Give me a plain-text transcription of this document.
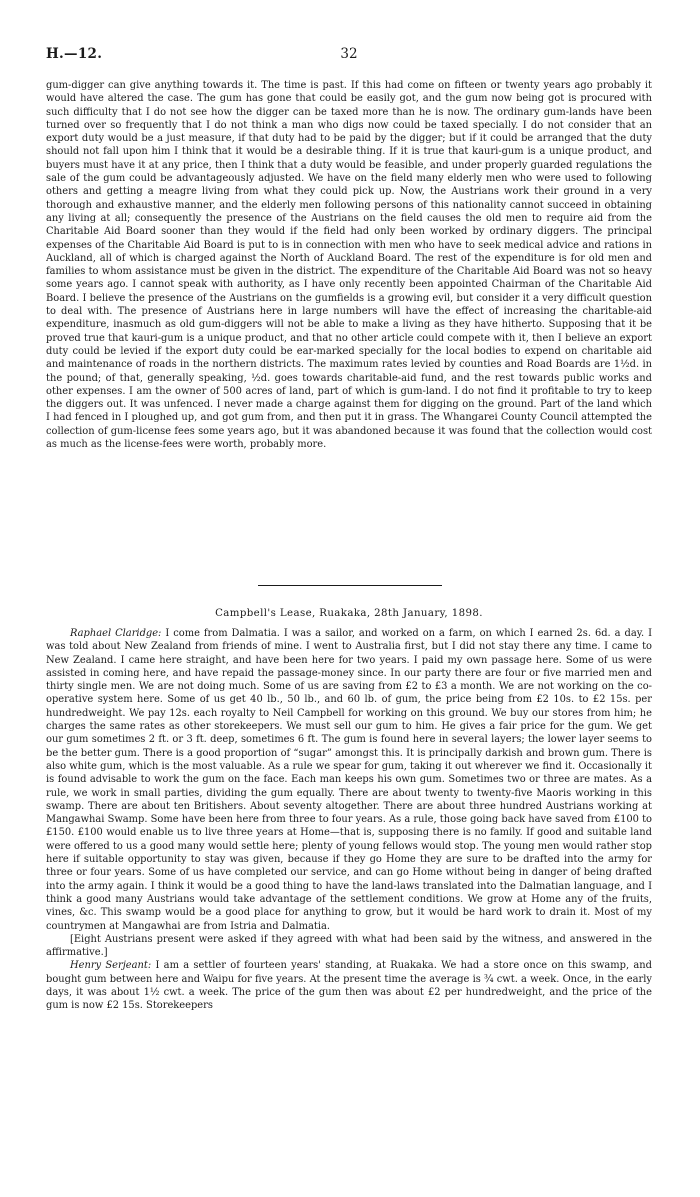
H.—12.	32

gum-digger can give anything towards it. The time is past. If this had come on fifteen or twenty years ago probably it would have altered the case. The gum has gone that could be easily got, and the gum now being got is procured with such difficulty that I do not see how the digger can be taxed more than he is now. The ordinary gum-lands have been turned over so frequently that I do not think a man who digs now could be taxed specially. I do not consider that an export duty would be a just measure, if that duty had to be paid by the digger; but if it could be arranged that the duty should not fall upon him I think that it would be a desirable thing. If it is true that kauri-gum is a unique product, and buyers must have it at any price, then I think that a duty would be feasible, and under properly guarded regulations the sale of the gum could be advantageously adjusted. We have on the field many elderly men who were used to following others and getting a meagre living from what they could pick up. Now, the Austrians work their ground in a very thorough and exhaustive manner, and the elderly men following persons of this nationality cannot succeed in obtaining any living at all; consequently the presence of the Austrians on the field causes the old men to require aid from the Charitable Aid Board sooner than they would if the field had only been worked by ordinary diggers. The principal expenses of the Charitable Aid Board is put to is in connection with men who have to seek medical advice and rations in Auckland, all of which is charged against the North of Auckland Board. The rest of the expenditure is for old men and families to whom assistance must be given in the district. The expenditure of the Charitable Aid Board was not so heavy some years ago. I cannot speak with authority, as I have only recently been appointed Chairman of the Charitable Aid Board. I believe the presence of the Austrians on the gumfields is a growing evil, but consider it a very difficult question to deal with. The presence of Austrians here in large numbers will have the effect of increasing the charitable-aid expenditure, inasmuch as old gum-diggers will not be able to make a living as they have hitherto. Supposing that it be proved true that kauri-gum is a unique product, and that no other article could compete with it, then I believe an export duty could be levied if the export duty could be ear-marked specially for the local bodies to expend on charitable aid and maintenance of roads in the northern districts. The maximum rates levied by counties and Road Boards are 1½d. in the pound; of that, generally speaking, ½d. goes towards charitable-aid fund, and the rest towards public works and other expenses. I am the owner of 500 acres of land, part of which is gum-land. I do not find it profitable to try to keep the diggers out. It was unfenced. I never made a charge against them for digging on the ground. Part of the land which I had fenced in I ploughed up, and got gum from, and then put it in grass. The Whangarei County Council attempted the collection of gum-license fees some years ago, but it was abandoned because it was found that the collection would cost as much as the license-fees were worth, probably more.

Campbell's Lease, Ruakaka, 28th January, 1898.

Raphael Claridge: I come from Dalmatia. I was a sailor, and worked on a farm, on which I earned 2s. 6d. a day. I was told about New Zealand from friends of mine. I went to Australia first, but I did not stay there any time. I came to New Zealand. I came here straight, and have been here for two years. I paid my own passage here. Some of us were assisted in coming here, and have repaid the passage-money since. In our party there are four or five married men and thirty single men. We are not doing much. Some of us are saving from £2 to £3 a month. We are not working on the co-operative system here. Some of us get 40 lb., 50 lb., and 60 lb. of gum, the price being from £2 10s. to £2 15s. per hundredweight. We pay 12s. each royalty to Neil Campbell for working on this ground. We buy our stores from him; he charges the same rates as other storekeepers. We must sell our gum to him. He gives a fair price for the gum. We get our gum sometimes 2 ft. or 3 ft. deep, sometimes 6 ft. The gum is found here in several layers; the lower layer seems to be the better gum. There is a good proportion of “sugar” amongst this. It is principally darkish and brown gum. There is also white gum, which is the most valuable. As a rule we spear for gum, taking it out wherever we find it. Occasionally it is found advisable to work the gum on the face. Each man keeps his own gum. Sometimes two or three are mates. As a rule, we work in small parties, dividing the gum equally. There are about twenty to twenty-five Maoris working in this swamp. There are about ten Britishers. About seventy altogether. There are about three hundred Austrians working at Mangawhai Swamp. Some have been here from three to four years. As a rule, those going back have saved from £100 to £150. £100 would enable us to live three years at Home—that is, supposing there is no family. If good and suitable land were offered to us a good many would settle here; plenty of young fellows would stop. The young men would rather stop here if suitable opportunity to stay was given, because if they go Home they are sure to be drafted into the army for three or four years. Some of us have completed our service, and can go Home without being in danger of being drafted into the army again. I think it would be a good thing to have the land-laws translated into the Dalmatian language, and I think a good many Austrians would take advantage of the settlement conditions. We grow at Home any of the fruits, vines, &c. This swamp would be a good place for anything to grow, but it would be hard work to drain it. Most of my countrymen at Mangawhai are from Istria and Dalmatia.

[Eight Austrians present were asked if they agreed with what had been said by the witness, and answered in the affirmative.]

Henry Serjeant: I am a settler of fourteen years' standing, at Ruakaka. We had a store once on this swamp, and bought gum between here and Waipu for five years. At the present time the average is ¾ cwt. a week. Once, in the early days, it was about 1½ cwt. a week. The price of the gum then was about £2 per hundredweight, and the price of the gum is now £2 15s. Storekeepers
